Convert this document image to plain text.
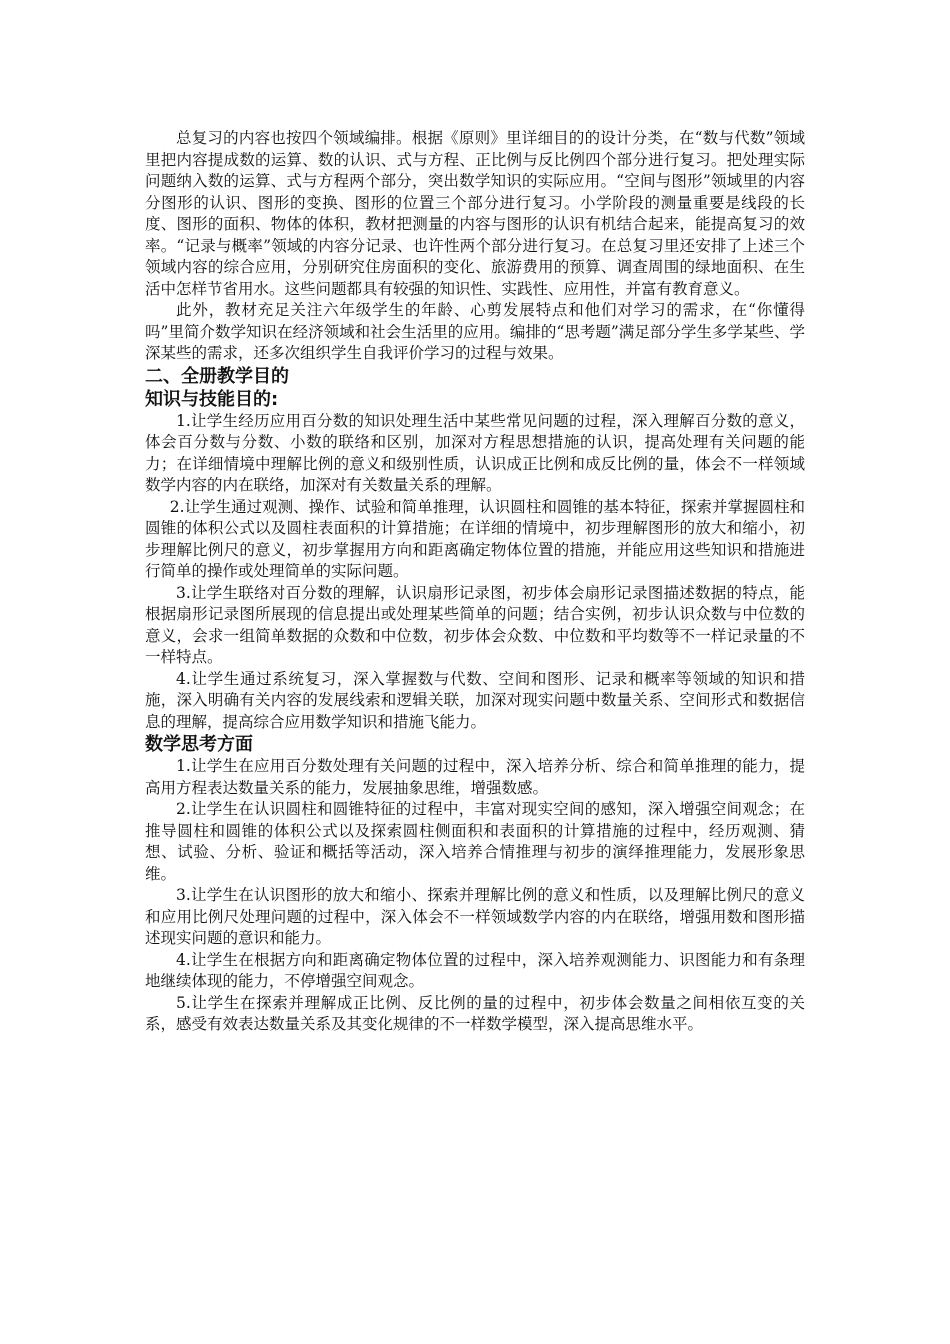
总复习的内容也按四个领域编排。根据《原则》里详细目的的设计分类，在“数与代数”领域里把内容提成数的运算、数的认识、式与方程、正比例与反比例四个部分进行复习。把处理实际问题纳入数的运算、式与方程两个部分，突出数学知识的实际应用。“空间与图形”领域里的内容分图形的认识、图形的变换、图形的位置三个部分进行复习。小学阶段的测量重要是线段的长度、图形的面积、物体的体积，教材把测量的内容与图形的认识有机结合起来，能提高复习的效率。“记录与概率”领域的内容分记录、也许性两个部分进行复习。在总复习里还安排了上述三个领域内容的综合应用，分别研究住房面积的变化、旅游费用的预算、调查周围的绿地面积、在生活中怎样节省用水。这些问题都具有较强的知识性、实践性、应用性，并富有教育意义。

此外，教材充足关注六年级学生的年龄、心剪发展特点和他们对学习的需求，在“你懂得吗”里简介数学知识在经济领域和社会生活里的应用。编排的“思考题”满足部分学生多学某些、学深某些的需求，还多次组织学生自我评价学习的过程与效果。

二、全册教学目的

知识与技能目的:

1.让学生经历应用百分数的知识处理生活中某些常见问题的过程，深入理解百分数的意义，体会百分数与分数、小数的联络和区别，加深对方程思想措施的认识，提高处理有关问题的能力；在详细情境中理解比例的意义和级别性质，认识成正比例和成反比例的量，体会不一样领域数学内容的内在联络，加深对有关数量关系的理解。

2.让学生通过观测、操作、试验和简单推理，认识圆柱和圆锥的基本特征，探索并掌握圆柱和圆锥的体积公式以及圆柱表面积的计算措施；在详细的情境中，初步理解图形的放大和缩小，初步理解比例尺的意义，初步掌握用方向和距离确定物体位置的措施，并能应用这些知识和措施进行简单的操作或处理简单的实际问题。

3.让学生联络对百分数的理解，认识扇形记录图，初步体会扇形记录图描述数据的特点，能根据扇形记录图所展现的信息提出或处理某些简单的问题；结合实例，初步认识众数与中位数的意义，会求一组简单数据的众数和中位数，初步体会众数、中位数和平均数等不一样记录量的不一样特点。

4.让学生通过系统复习，深入掌握数与代数、空间和图形、记录和概率等领域的知识和措施，深入明确有关内容的发展线索和逻辑关联，加深对现实问题中数量关系、空间形式和数据信息的理解，提高综合应用数学知识和措施飞能力。

数学思考方面

1.让学生在应用百分数处理有关问题的过程中，深入培养分析、综合和简单推理的能力，提高用方程表达数量关系的能力，发展抽象思维，增强数感。

2.让学生在认识圆柱和圆锥特征的过程中，丰富对现实空间的感知，深入增强空间观念；在推导圆柱和圆锥的体积公式以及探索圆柱侧面积和表面积的计算措施的过程中，经历观测、猜想、试验、分析、验证和概括等活动，深入培养合情推理与初步的演绎推理能力，发展形象思维。

3.让学生在认识图形的放大和缩小、探索并理解比例的意义和性质，以及理解比例尺的意义和应用比例尺处理问题的过程中，深入体会不一样领域数学内容的内在联络，增强用数和图形描述现实问题的意识和能力。

4.让学生在根据方向和距离确定物体位置的过程中，深入培养观测能力、识图能力和有条理地继续体现的能力，不停增强空间观念。

5.让学生在探索并理解成正比例、反比例的量的过程中，初步体会数量之间相依互变的关系，感受有效表达数量关系及其变化规律的不一样数学模型，深入提高思维水平。
